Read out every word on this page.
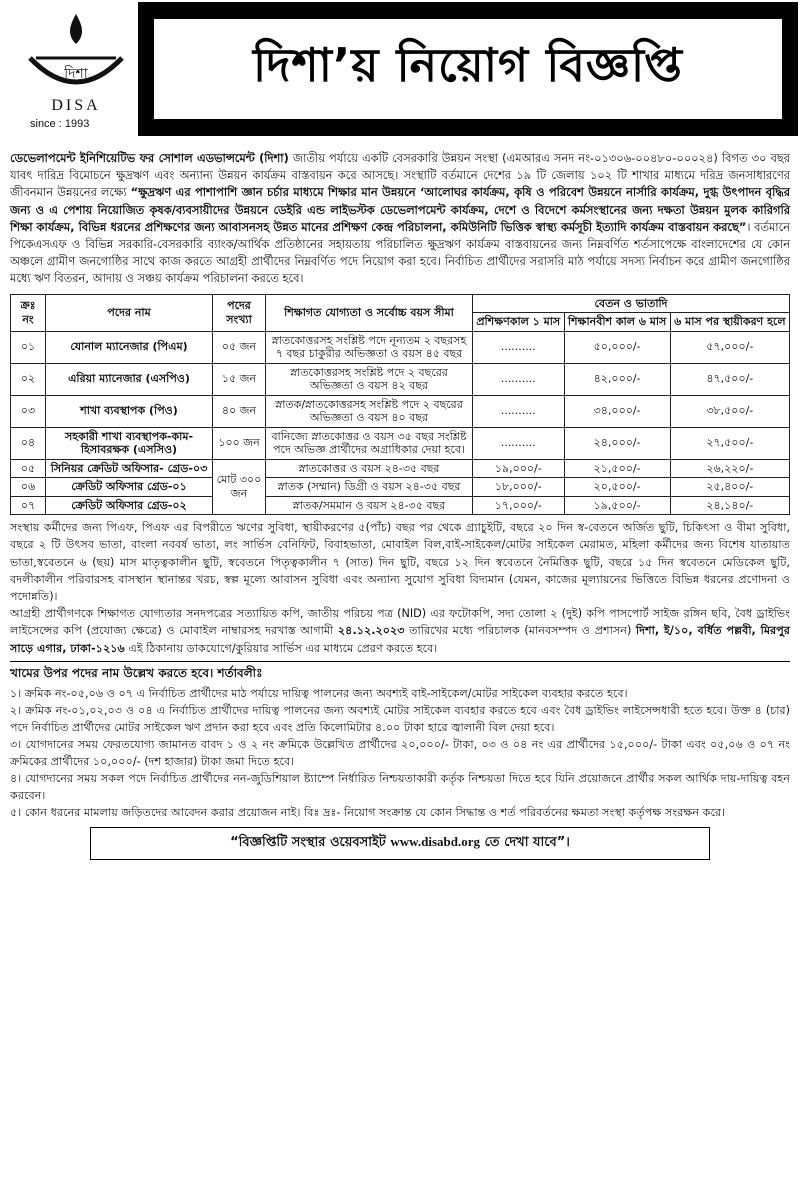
দিশা
DISA
since : 1993
দিশা’য় নিয়োগ বিজ্ঞপ্তি
ডেভেলাপমেন্ট ইনিশিয়েটিভ ফর সোশাল এডভান্সমেন্ট (দিশা) জাতীয় পর্যায়ে একটি বেসরকারি উন্নয়ন সংস্থা (এমআরএ সনদ নং-০১৩০৬-০০৪৮০-০০০২৪) বিগত ৩০ বছর যাবৎ দারিদ্র বিমোচনে ক্ষুদ্রঋণ এবং অন্যান্য উন্নয়ন কার্যক্রম বাস্তবায়ন করে আসছে। সংস্থাটি বর্তমানে দেশের ১৯ টি জেলায় ১০২ টি শাখার মাধ্যমে দরিদ্র জনসাধারণের জীবনমান উন্নয়নের লক্ষ্যে “ক্ষুদ্রঋণ এর পাশাপাশি জ্ঞান চর্চার মাধ্যমে শিক্ষার মান উন্নয়নে ‘আলোঘর কার্যক্রম, কৃষি ও পরিবেশ উন্নয়নে নার্সারি কার্যক্রম, দুগ্ধ উৎপাদন বৃদ্ধির জন্য ও এ পেশায় নিয়োজিত কৃষক/ব্যবসায়ীদের উন্নয়নে ডেইরি এন্ড লাইভস্টক ডেভেলাপমেন্ট কার্যক্রম, দেশে ও বিদেশে কর্মসংস্থানের জন্য দক্ষতা উন্নয়ন মুলক কারিগরি শিক্ষা কার্যক্রম, বিভিন্ন ধরনের প্রশিক্ষণের জন্য আবাসনসহ উন্নত মানের প্রশিক্ষণ কেন্দ্র পরিচালনা, কমিউনিটি ভিত্তিক স্বাস্থ্য কর্মসূচী ইত্যাদি কার্যক্রম বাস্তবায়ন করছে”। বর্তমানে পিকেএসএফ ও বিভিন্ন সরকারি-বেসরকারি ব্যাংক/আর্থিক প্রতিষ্ঠানের সহায়তায় পরিচালিত ক্ষুদ্রঋণ কার্যক্রম বাস্তবায়নের জন্য নিম্নবর্ণিত শর্তসাপেক্ষে বাংলাদেশের যে কোন অঞ্চলে গ্রামীণ জনগোষ্ঠির সাথে কাজ করতে আগ্রহী প্রার্থীদের নিম্নবর্ণিত পদে নিয়োগ করা হবে। নির্বাচিত প্রার্থীদের সরাসরি মাঠ পর্যায়ে সদস্য নির্বাচন করে গ্রামীণ জনগোষ্ঠির মধ্যে ঋণ বিতরন, আদায় ও সঞ্চয় কার্যক্রম পরিচালনা করতে হবে।
ক্রঃ নং	পদের নাম	পদের সংখ্যা	শিক্ষাগত যোগ্যতা ও সর্বোচ্চ বয়স সীমা	বেতন ও ভাতাদি		
				প্রশিক্ষণকাল ১ মাস	শিক্ষানবীশ কাল ৬ মাস	৬ মাস পর স্থায়ীকরণ হলে
০১	যোনাল ম্যানেজার (পিএম)	০৫ জন	স্নাতকোত্তরসহ সংশ্লিষ্ট পদে নূন্যতম ২ বছরসহ ৭ বছর চাকুরীর অভিজ্ঞতা ও বয়স ৪৫ বছর	..........	৫০,০০০/-	৫৭,০০০/-
০২	এরিয়া ম্যানেজার (এসপিও)	১৫ জন	স্নাতকোত্তরসহ সংশ্লিষ্ট পদে ২ বছরের অভিজ্ঞতা ও বয়স ৪২ বছর	..........	৪২,০০০/-	৪৭,৫০০/-
০৩	শাখা ব্যবস্থাপক (পিও)	৪০ জন	স্নাতক/স্নাতকোত্তরসহ সংশ্লিষ্ট পদে ২ বছরের অভিজ্ঞতা ও বয়স ৪০ বছর	..........	৩৪,০০০/-	৩৮,৫০০/-
০৪	সহকারী শাখা ব্যবস্থাপক-কাম- হিসাবরক্ষক (এসসিও)	১০০ জন	বানিজ্যে স্নাতকোত্তর ও বয়স ৩৫ বছর সংশ্লিষ্ট পদে অভিজ্ঞ প্রার্থীদের অগ্রাধিকার দেয়া হবে।	..........	২৪,০০০/-	২৭,৫০০/-
০৫	সিনিয়র ক্রেডিট অফিসার- গ্রেড-০৩	মোট ৩০০ জন	স্নাতকোত্তর ও বয়স ২৪-৩৫ বছর	১৯,০০০/-	২১,৫০০/-	২৬,২২০/-
০৬	ক্রেডিট অফিসার গ্রেড-০১		স্নাতক (সম্মান) ডিগ্রী ও বয়স ২৪-৩৫ বছর	১৮,০০০/-	২০,৫০০/-	২৫,৪০০/-
০৭	ক্রেডিট অফিসার গ্রেড-০২		স্নাতক/সমমান ও বয়স ২৪-৩৫ বছর	১৭,০০০/-	১৯,৫০০/-	২৪,১৪০/-
সংস্থায় কর্মীদের জন্য পিএফ, পিএফ এর বিপরীতে ঋণের সুবিধা, স্থায়ীকরণের ৫(পাঁচ) বছর পর থেকে গ্র্যাচুইটি, বছরে ২০ দিন স্ব-বেতনে অর্জিত ছুটি, চিকিৎসা ও বীমা সুবিধা, বছরে ২ টি উৎসব ভাতা, বাংলা নববর্ষ ভাতা, লং সার্ভিস বেনিফিট, বিবাহভাতা, মোবাইল বিল,বাই-সাইকেল/মোটর সাইকেল মেরামত, মহিলা কর্মীদের জন্য বিশেষ যাতায়াত ভাতা,স্ববেতনে ৬ (ছয়) মাস মাতৃত্বকালীন ছুটি, স্ববেতনে পিতৃত্বকালীন ৭ (সাত) দিন ছুটি, বছরে ১২ দিন স্ববেতনে নৈমিত্তিক ছুটি, বছরে ১৫ দিন স্ববেতনে মেডিকেল ছুটি, বদলীকালীন পরিবারসহ বাসস্থান স্থানান্তর খরচ, স্বল্প মূল্যে আবাসন সুবিধা এবং অন্যান্য সুযোগ সুবিধা বিদ্যমান (যেমন, কাজের মূল্যায়নের ভিত্তিতে বিভিন্ন ধরনের প্রণোদনা ও পদোন্নতি)।
আগ্রহী প্রার্থীগণকে শিক্ষাগত যোগ্যতার সনদপত্রের সত্যায়িত কপি, জাতীয় পরিচয় পত্র (NID) এর ফটোকপি, সদ্য তোলা ২ (দুই) কপি পাসপোর্ট সাইজ রঙ্গিন ছবি, বৈধ ড্রাইভিং লাইসেন্সের কপি (প্রযোজ্য ক্ষেত্রে) ও মোবাইল নাম্বারসহ দরখাস্ত আগামী ২৪.১২.২০২৩ তারিখের মধ্যে পরিচালক (মানবসম্পদ ও প্রশাসন) দিশা, ই/১০, বর্ধিত পল্লবী, মিরপুর সাড়ে এগার, ঢাকা-১২১৬ এই ঠিকানায় ডাকযোগে/কুরিয়ার সার্ভিস এর মাধ্যমে প্রেরণ করতে হবে।
খামের উপর পদের নাম উল্লেখ করতে হবে। শর্তাবলীঃ
১। ক্রমিক নং-০৫,০৬ ও ০৭ এ নির্বাচিত প্রার্থীদের মাঠ পর্যায়ে দায়িত্ব পালনের জন্য অবশ্যই বাই-সাইকেল/মোটর সাইকেল ব্যবহার করতে হবে।
২। ক্রমিক নং-০১,০২,০৩ ও ০৪ এ নির্বাচিত প্রার্থীদের দায়িত্ব পালনের জন্য অবশ্যই মোটর সাইকেল ব্যবহার করতে হবে এবং বৈধ ড্রাইভিং লাইসেন্সধারী হতে হবে। উক্ত ৪ (চার) পদে নির্বাচিত প্রার্থীদের মোটর সাইকেল ঋণ প্রদান করা হবে এবং প্রতি কিলোমিটার ৪.০০ টাকা হারে জ্বালানী বিল দেয়া হবে।
৩। যোগদানের সময় ফেরতযোগ্য জামানত বাবদ ১ ও ২ নং ক্রমিকে উল্লেখিত প্রার্থীদের ২০,০০০/- টাকা, ০৩ ও ০৪ নং এর প্রার্থীদের ১৫,০০০/- টাকা এবং ০৫,০৬ ও ০৭ নং ক্রমিকের প্রার্থীদের ১০,০০০/- (দশ হাজার) টাকা জমা দিতে হবে।
৪। যোগদানের সময় সকল পদে নির্বাচিত প্রার্থীদের নন-জুডিশিয়াল ষ্ট্যাম্পে নির্ধারিত নিশ্চয়তাকারী কর্তৃক নিশ্চয়তা দিতে হবে যিনি প্রয়োজনে প্রার্থীর সকল আর্থিক দায়-দায়িত্ব বহন করবেন।
৫। কোন ধরনের মামলায় জড়িতদের আবেদন করার প্রয়োজন নাই। বিঃ দ্রঃ- নিয়োগ সংক্রান্ত যে কোন সিদ্ধান্ত ও শর্ত পরিবর্তনের ক্ষমতা সংস্থা কর্তৃপক্ষ সংরক্ষন করে।
“বিজ্ঞপ্তিটি সংস্থার ওয়েবসাইট www.disabd.org তে দেখা যাবে”।
